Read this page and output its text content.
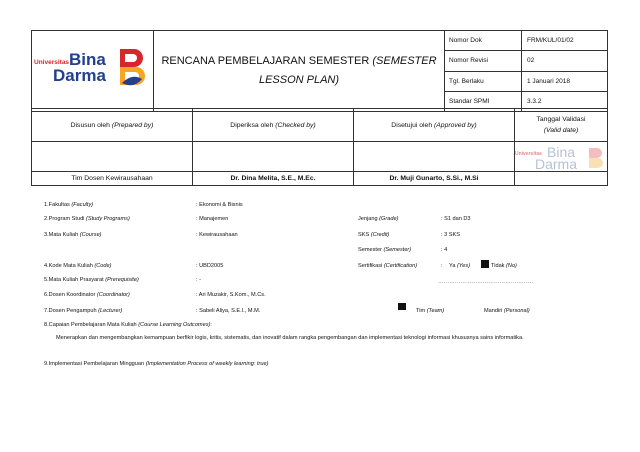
Universitas Bina
Darma	RENCANA PEMBELAJARAN SEMESTER (SEMESTER LESSON PLAN)	Nomor Dok	FRM/KUL/01/02
		Nomor Revisi	02
		Tgl. Berlaku	1 Januari 2018
		Standar SPMI	3.3.2
Disusun oleh (Prepared by)	Diperiksa oleh (Checked by)	Disetujui oleh (Approved by)	Tanggal Validasi
(Valid date)

Universitas Bina
Darma

Tim Dosen Kewirausahaan	Dr. Dina Melita, S.E., M.Ec.	Dr. Muji Gunarto, S.Si., M.Si	
1.Fakultas (Faculty)	: Ekonomi & Bisnis
2.Program Studi (Study Programs)	: Manajemen
3.Mata Kuliah (Course)	: Kewirausahaan
4.Kode Mata Kuliah (Code)	: UBD2005
5.Mata Kuliah Prasyarat (Prerequisite)	: -
6.Dosen Koordinator (Coordinator)	: Ari Muzakir, S.Kom., M.Cs.
7.Dosen Pengampuh (Lecturer)	: Sabeli Aliya, S.E.I., M.M.
Jenjang (Grade)	: S1 dan D3
SKS (Credit)	: 3 SKS
Semester (Semester)	: 4
Sertifikasi (Certification)	: Ya (Yes)	Tidak (No)
……………………………………………
Tim (Team)	Mandiri (Personal)
8.Capaian Pembelajaran Mata Kuliah (Course Learning Outcomes):
Menerapkan dan mengembangkan kemampuan berfikir logis, kritis, sistematis, dan inovatif dalam rangka pengembangan dan implementasi teknologi informasi khususnya sains informatika.
9.Implementasi Pembelajaran Mingguan (Implementation Process of weekly learning: true)
